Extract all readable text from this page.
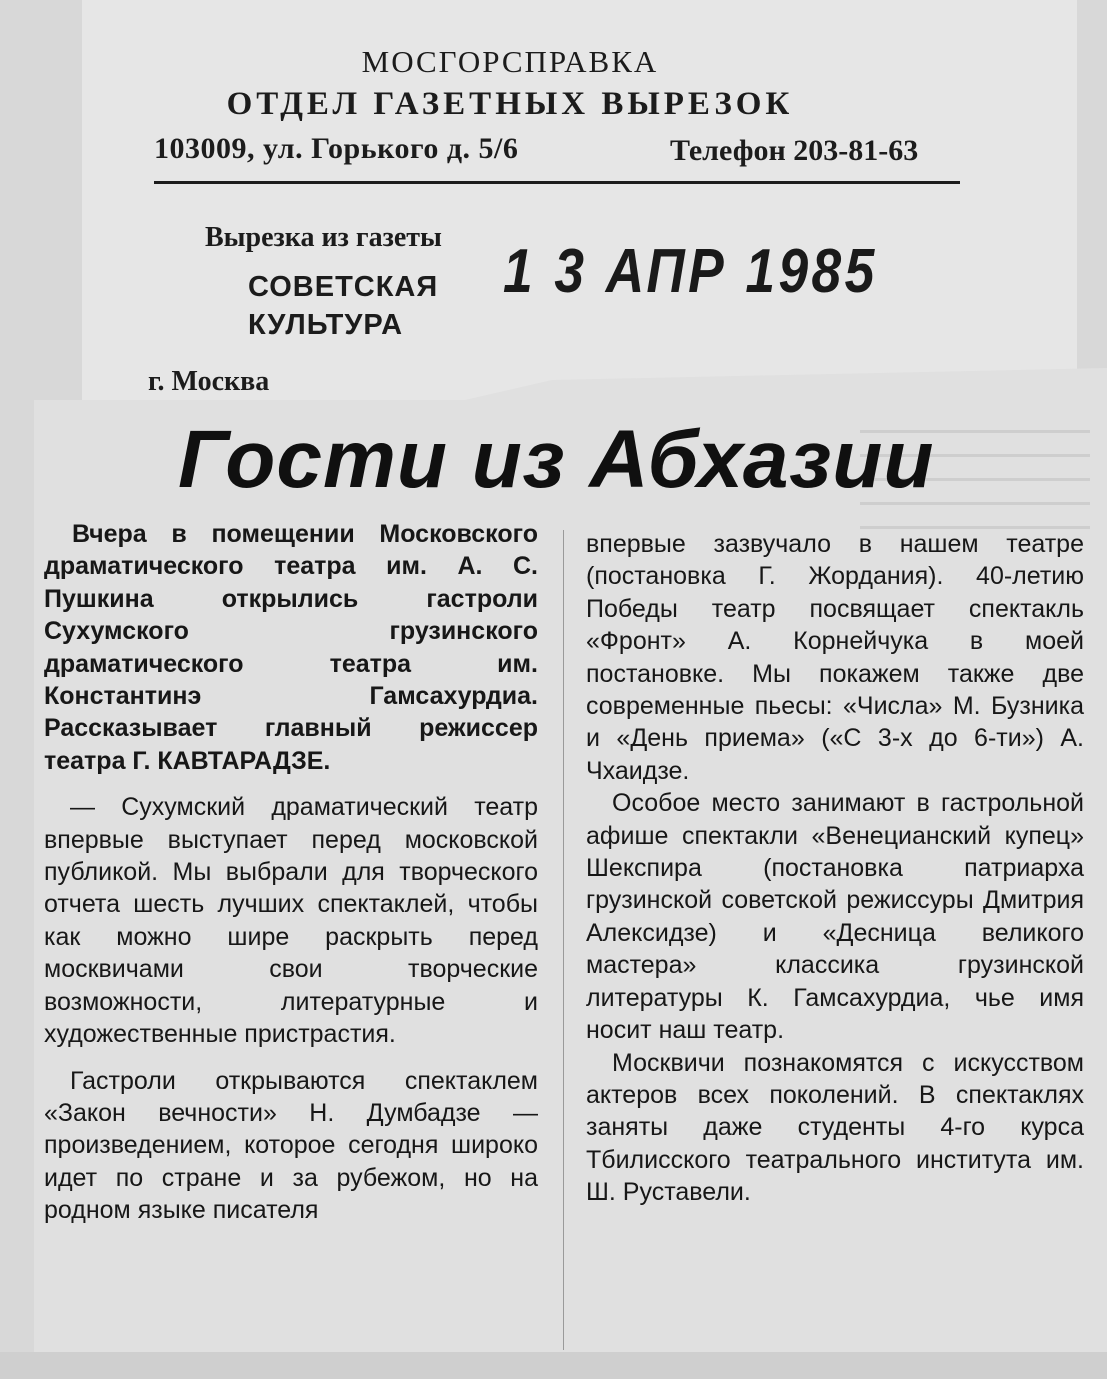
МОСГОРСПРАВКА
ОТДЕЛ ГАЗЕТНЫХ ВЫРЕЗОК
103009, ул. Горького д. 5/6	Телефон 203-81-63
Вырезка из газеты
СОВЕТСКАЯ
КУЛЬТУРА
1 3 АПР 1985
г. Москва
Гости из Абхазии

Вчера в помещении Московского драматического театра им. А. С. Пушкина открылись гастроли Сухумского грузинского драматического театра им. Константинэ Гамсахурдиа. Рассказывает главный режиссер театра Г. КАВТАРАДЗЕ.

— Сухумский драматический театр впервые выступает перед московской публикой. Мы выбрали для творческого отчета шесть лучших спектаклей, чтобы как можно шире раскрыть перед москвичами свои творческие возможности, литературные и художественные пристрастия.

Гастроли открываются спектаклем «Закон вечности» Н. Думбадзе — произведением, которое сегодня широко идет по стране и за рубежом, но на родном языке писателя

впервые зазвучало в нашем театре (постановка Г. Жордания). 40-летию Победы театр посвящает спектакль «Фронт» А. Корнейчука в моей постановке. Мы покажем также две современные пьесы: «Числа» М. Бузника и «День приема» («С 3-х до 6-ти») А. Чхаидзе.

Особое место занимают в гастрольной афише спектакли «Венецианский купец» Шекспира (постановка патриарха грузинской советской режиссуры Дмитрия Алексидзе) и «Десница великого мастера» классика грузинской литературы К. Гамсахурдиа, чье имя носит наш театр.

Москвичи познакомятся с искусством актеров всех поколений. В спектаклях заняты даже студенты 4-го курса Тбилисского театрального института им. Ш. Руставели.
